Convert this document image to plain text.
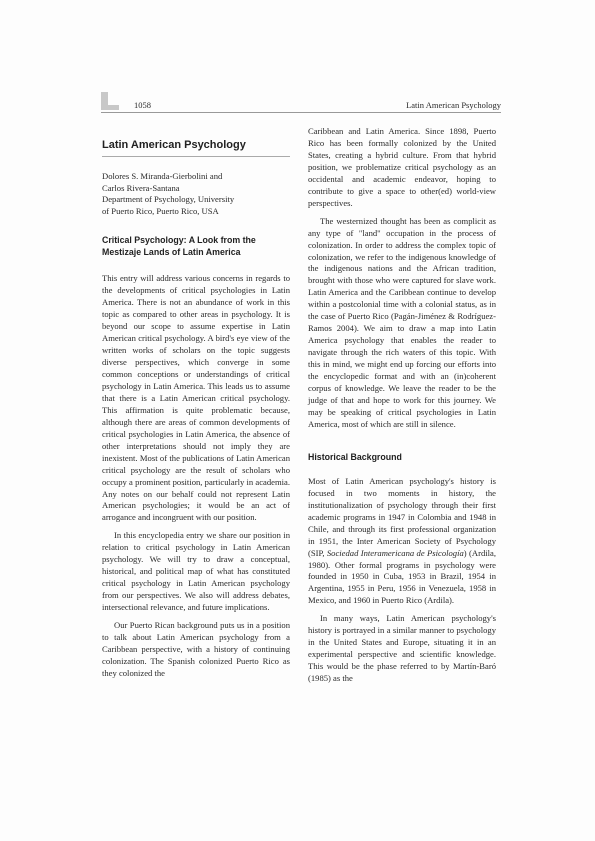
1058	Latin American Psychology
Latin American Psychology

Dolores S. Miranda-Gierbolini and

Carlos Rivera-Santana

Department of Psychology, University

of Puerto Rico, Puerto Rico, USA

Critical Psychology: A Look from the Mestizaje Lands of Latin America

This entry will address various concerns in regards to the developments of critical psychologies in Latin America. There is not an abundance of work in this topic as compared to other areas in psychology. It is beyond our scope to assume expertise in Latin American critical psychology. A bird's eye view of the written works of scholars on the topic suggests diverse perspectives, which converge in some common conceptions or understandings of critical psychology in Latin America. This leads us to assume that there is a Latin American critical psychology. This affirmation is quite problematic because, although there are areas of common developments of critical psychologies in Latin America, the absence of other interpretations should not imply they are inexistent. Most of the publications of Latin American critical psychology are the result of scholars who occupy a prominent position, particularly in academia. Any notes on our behalf could not represent Latin American psychologies; it would be an act of arrogance and incongruent with our position.

In this encyclopedia entry we share our position in relation to critical psychology in Latin American psychology. We will try to draw a conceptual, historical, and political map of what has constituted critical psychology in Latin American psychology from our perspectives. We also will address debates, intersectional relevance, and future implications.

Our Puerto Rican background puts us in a position to talk about Latin American psychology from a Caribbean perspective, with a history of continuing colonization. The Spanish colonized Puerto Rico as they colonized the

Caribbean and Latin America. Since 1898, Puerto Rico has been formally colonized by the United States, creating a hybrid culture. From that hybrid position, we problematize critical psychology as an occidental and academic endeavor, hoping to contribute to give a space to other(ed) world-view perspectives.

The westernized thought has been as complicit as any type of "land" occupation in the process of colonization. In order to address the complex topic of colonization, we refer to the indigenous knowledge of the indigenous nations and the African tradition, brought with those who were captured for slave work. Latin America and the Caribbean continue to develop within a postcolonial time with a colonial status, as in the case of Puerto Rico (Pagán-Jiménez & Rodríguez-Ramos 2004). We aim to draw a map into Latin America psychology that enables the reader to navigate through the rich waters of this topic. With this in mind, we might end up forcing our efforts into the encyclopedic format and with an (in)coherent corpus of knowledge. We leave the reader to be the judge of that and hope to work for this journey. We may be speaking of critical psychologies in Latin America, most of which are still in silence.

Historical Background

Most of Latin American psychology's history is focused in two moments in history, the institutionalization of psychology through their first academic programs in 1947 in Colombia and 1948 in Chile, and through its first professional organization in 1951, the Inter American Society of Psychology (SIP, Sociedad Interamericana de Psicología) (Ardila, 1980). Other formal programs in psychology were founded in 1950 in Cuba, 1953 in Brazil, 1954 in Argentina, 1955 in Peru, 1956 in Venezuela, 1958 in Mexico, and 1960 in Puerto Rico (Ardila).

In many ways, Latin American psychology's history is portrayed in a similar manner to psychology in the United States and Europe, situating it in an experimental perspective and scientific knowledge. This would be the phase referred to by Martín-Baró (1985) as the
